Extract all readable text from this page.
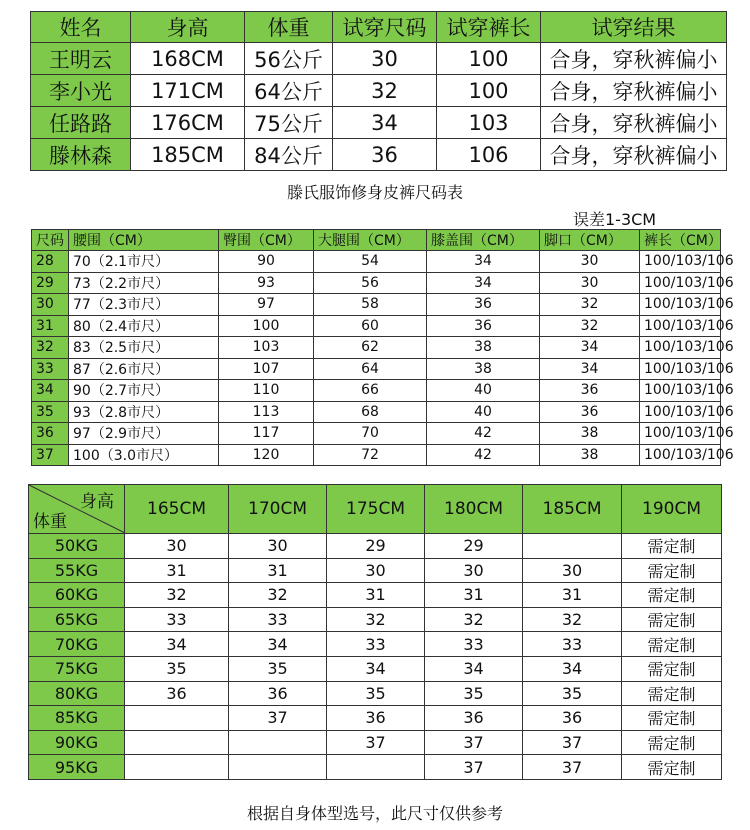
姓名	身高	体重	试穿尺码	试穿裤长	试穿结果
王明云	168CM	56公斤	30	100	合身，穿秋裤偏小
李小光	171CM	64公斤	32	100	合身，穿秋裤偏小
任路路	176CM	75公斤	34	103	合身，穿秋裤偏小
滕林森	185CM	84公斤	36	106	合身，穿秋裤偏小
滕氏服饰修身皮裤尺码表
误差1-3CM
尺码	腰围（CM）	臀围（CM）	大腿围（CM）	膝盖围（CM）	脚口（CM）	裤长（CM）
28	70（2.1市尺）	90	54	34	30	100/103/106
29	73（2.2市尺）	93	56	34	30	100/103/106
30	77（2.3市尺）	97	58	36	32	100/103/106
31	80（2.4市尺）	100	60	36	32	100/103/106
32	83（2.5市尺）	103	62	38	34	100/103/106
33	87（2.6市尺）	107	64	38	34	100/103/106
34	90（2.7市尺）	110	66	40	36	100/103/106
35	93（2.8市尺）	113	68	40	36	100/103/106
36	97（2.9市尺）	117	70	42	38	100/103/106
37	100（3.0市尺）	120	72	42	38	100/103/106
身高
体重	165CM	170CM	175CM	180CM	185CM	190CM
50KG	30	30	29	29		需定制
55KG	31	31	30	30	30	需定制
60KG	32	32	31	31	31	需定制
65KG	33	33	32	32	32	需定制
70KG	34	34	33	33	33	需定制
75KG	35	35	34	34	34	需定制
80KG	36	36	35	35	35	需定制
85KG		37	36	36	36	需定制
90KG			37	37	37	需定制
95KG				37	37	需定制
根据自身体型选号，此尺寸仅供参考
